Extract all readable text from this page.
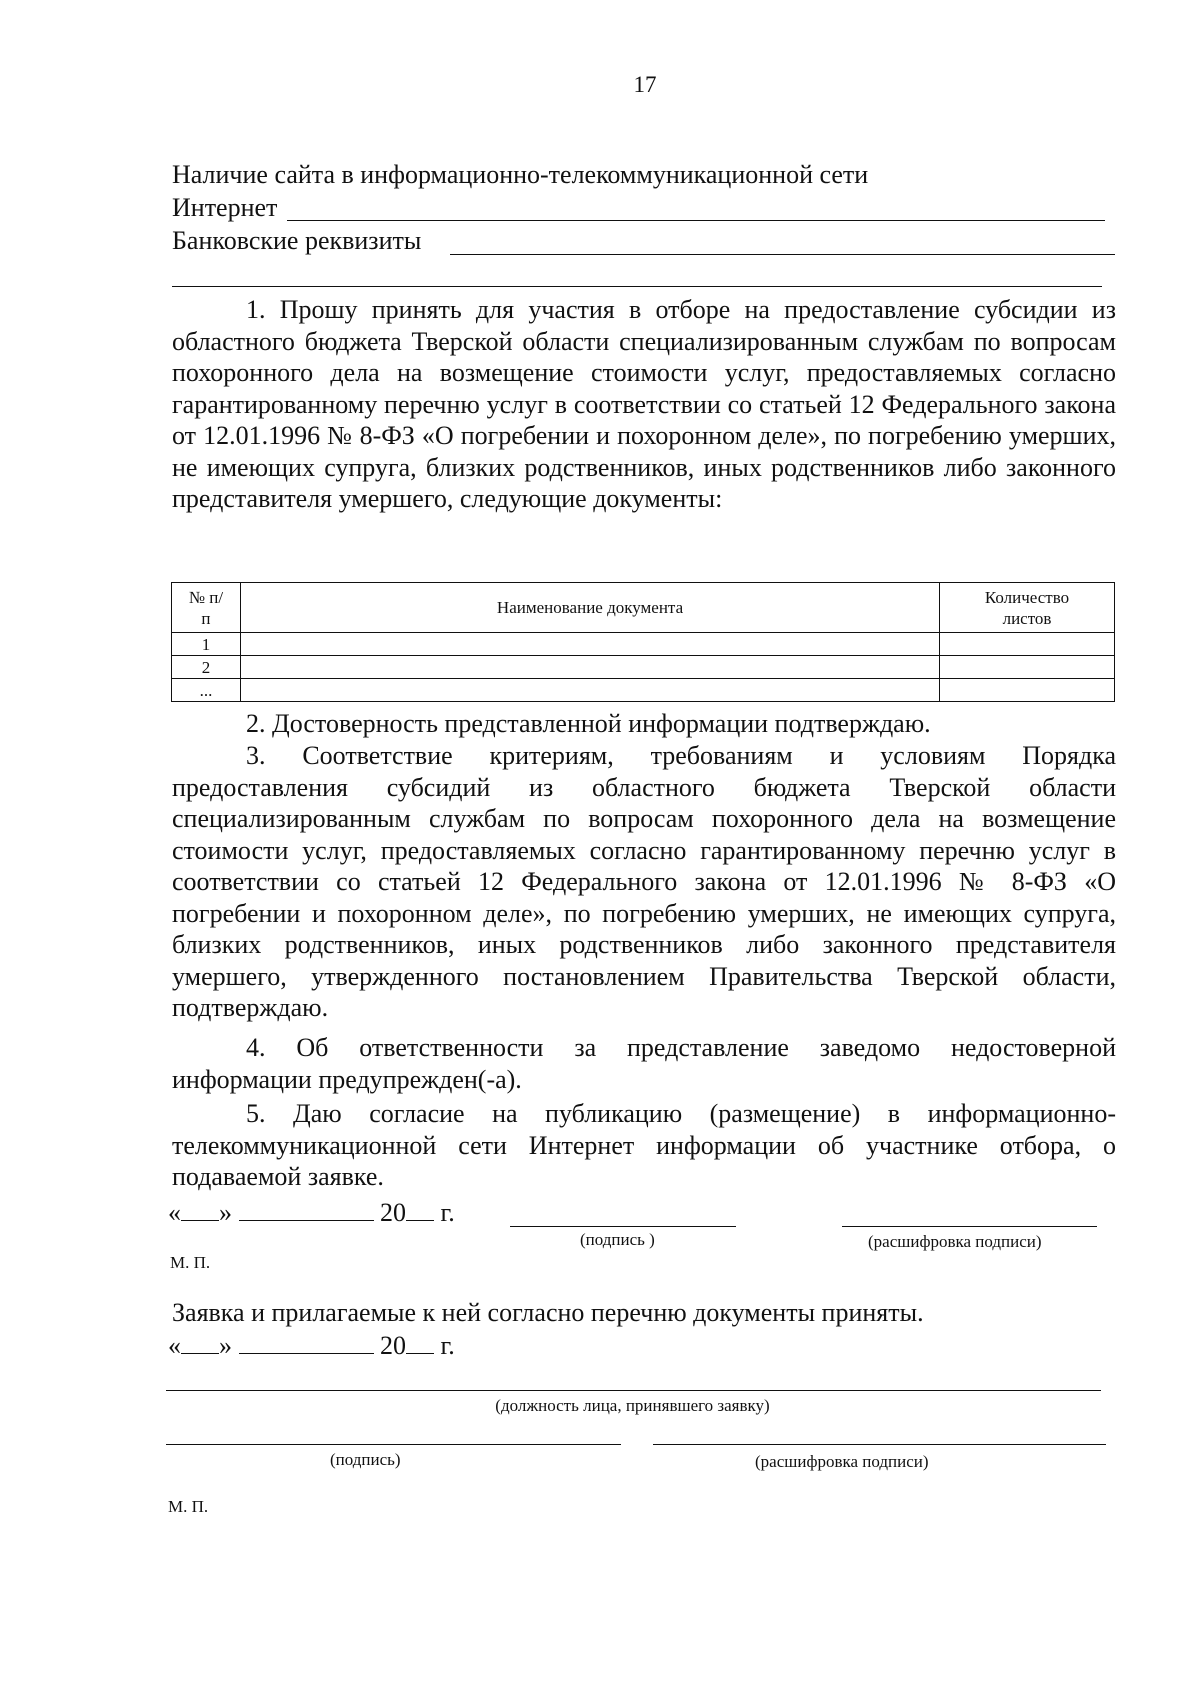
17
Наличие сайта в информационно-телекоммуникационной сети
Интернет
Банковские реквизиты

1. Прошу принять для участия в отборе на предоставление субсидии из областного бюджета Тверской области специализированным службам по вопросам похоронного дела на возмещение стоимости услуг, предоставляемых согласно гарантированному перечню услуг в соответствии со статьей 12 Федерального закона от 12.01.1996 № 8-ФЗ «О погребении и похоронном деле», по погребению умерших, не имеющих супруга, близких родственников, иных родственников либо законного представителя умершего, следующие документы:

№ п/п	Наименование документа	Количество листов

1		
2		
...		

2. Достоверность представленной информации подтверждаю.

3. Соответствие критериям, требованиям и условиям Порядка предоставления субсидий из областного бюджета Тверской области специализированным службам по вопросам похоронного дела на возмещение стоимости услуг, предоставляемых согласно гарантированному перечню услуг в соответствии со статьей 12 Федерального закона от 12.01.1996 № 8-ФЗ «О погребении и похоронном деле», по погребению умерших, не имеющих супруга, близких родственников, иных родственников либо законного представителя умершего, утвержденного постановлением Правительства Тверской области, подтверждаю.

4. Об ответственности за представление заведомо недостоверной информации предупрежден(-а).

5. Даю согласие на публикацию (размещение) в информационно-телекоммуникационной сети Интернет информации об участнике отбора, о подаваемой заявке.

« »	20 г.
(подпись )	(расшифровка подписи)
М. П.
Заявка и прилагаемые к ней согласно перечню документы приняты.
« »	20 г.
(должность лица, принявшего заявку)
(подпись)	(расшифровка подписи)
М. П.
